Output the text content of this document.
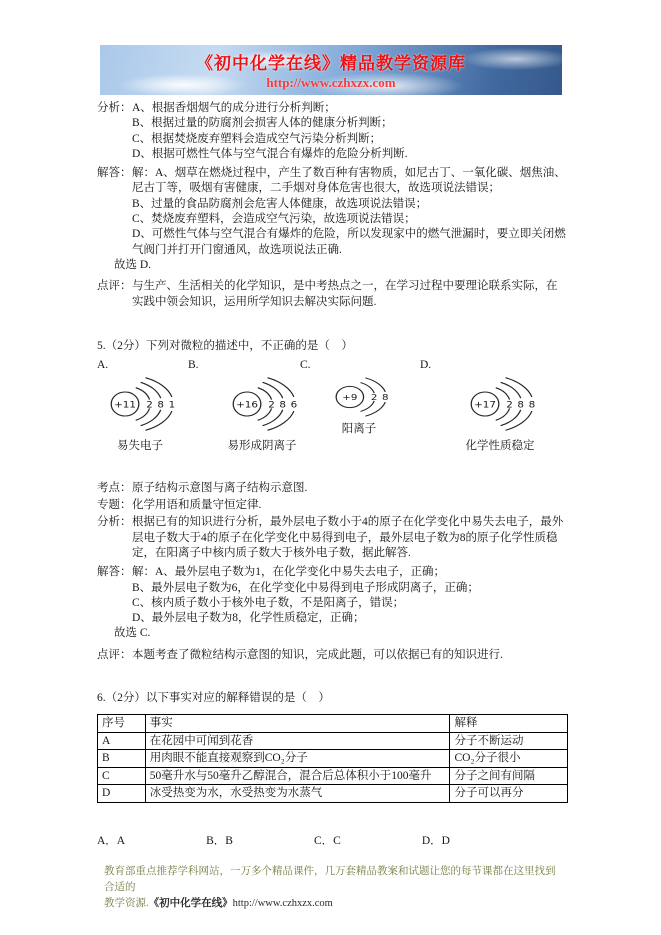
《初中化学在线》精品教学资源库
http://www.czhxzx.com
分析： A、根据香烟烟气的成分进行分析判断；
B、根据过量的防腐剂会损害人体的健康分析判断；
C、根据焚烧废弃塑料会造成空气污染分析判断；
D、根据可燃性气体与空气混合有爆炸的危险分析判断.
解答： 解：A、烟草在燃烧过程中，产生了数百种有害物质，如尼古丁、一氧化碳、烟焦油、尼古丁等，吸烟有害健康，二手烟对身体危害也很大，故选项说法错误；
B、过量的食品防腐剂会危害人体健康，故选项说法错误；
C、焚烧废弃塑料，会造成空气污染，故选项说法错误；
D、可燃性气体与空气混合有爆炸的危险，所以发现家中的燃气泄漏时，要立即关闭燃气阀门并打开门窗通风，故选项说法正确.
故选 D.
点评： 与生产、生活相关的化学知识，是中考热点之一，在学习过程中要理论联系实际，在实践中领会知识，运用所学知识去解决实际问题.
5.（2分）下列对微粒的描述中，不正确的是（　）
A.
+11 2 8 1
易失电子
B.
+16 2 8 6
易形成阴离子
C.
+9 2 8
阳离子
D.
+17 2 8 8
化学性质稳定
考点： 原子结构示意图与离子结构示意图.
专题： 化学用语和质量守恒定律.
分析： 根据已有的知识进行分析，最外层电子数小于4的原子在化学变化中易失去电子，最外层电子数大于4的原子在化学变化中易得到电子，最外层电子数为8的原子化学性质稳定，在阳离子中核内质子数大于核外电子数，据此解答.
解答： 解：A、最外层电子数为1，在化学变化中易失去电子，正确；
B、最外层电子数为6，在化学变化中易得到电子形成阴离子，正确；
C、核内质子数小于核外电子数，不是阳离子，错误；
D、最外层电子数为8，化学性质稳定，正确；
故选 C.
点评： 本题考查了微粒结构示意图的知识，完成此题，可以依据已有的知识进行.
6.（2分）以下事实对应的解释错误的是（　）
序号	事实	解释
A	在花园中可闻到花香	分子不断运动
B	用肉眼不能直接观察到CO₂分子	CO₂分子很小
C	50毫升水与50毫升乙醇混合，混合后总体积小于100毫升	分子之间有间隔
D	冰受热变为水，水受热变为水蒸气	分子可以再分
A．A	B．B	C．C	D．D
教育部重点推荐学科网站，一万多个精品课件，几万套精品教案和试题让您的每节课都在这里找到合适的
教学资源.《初中化学在线》http://www.czhxzx.com
